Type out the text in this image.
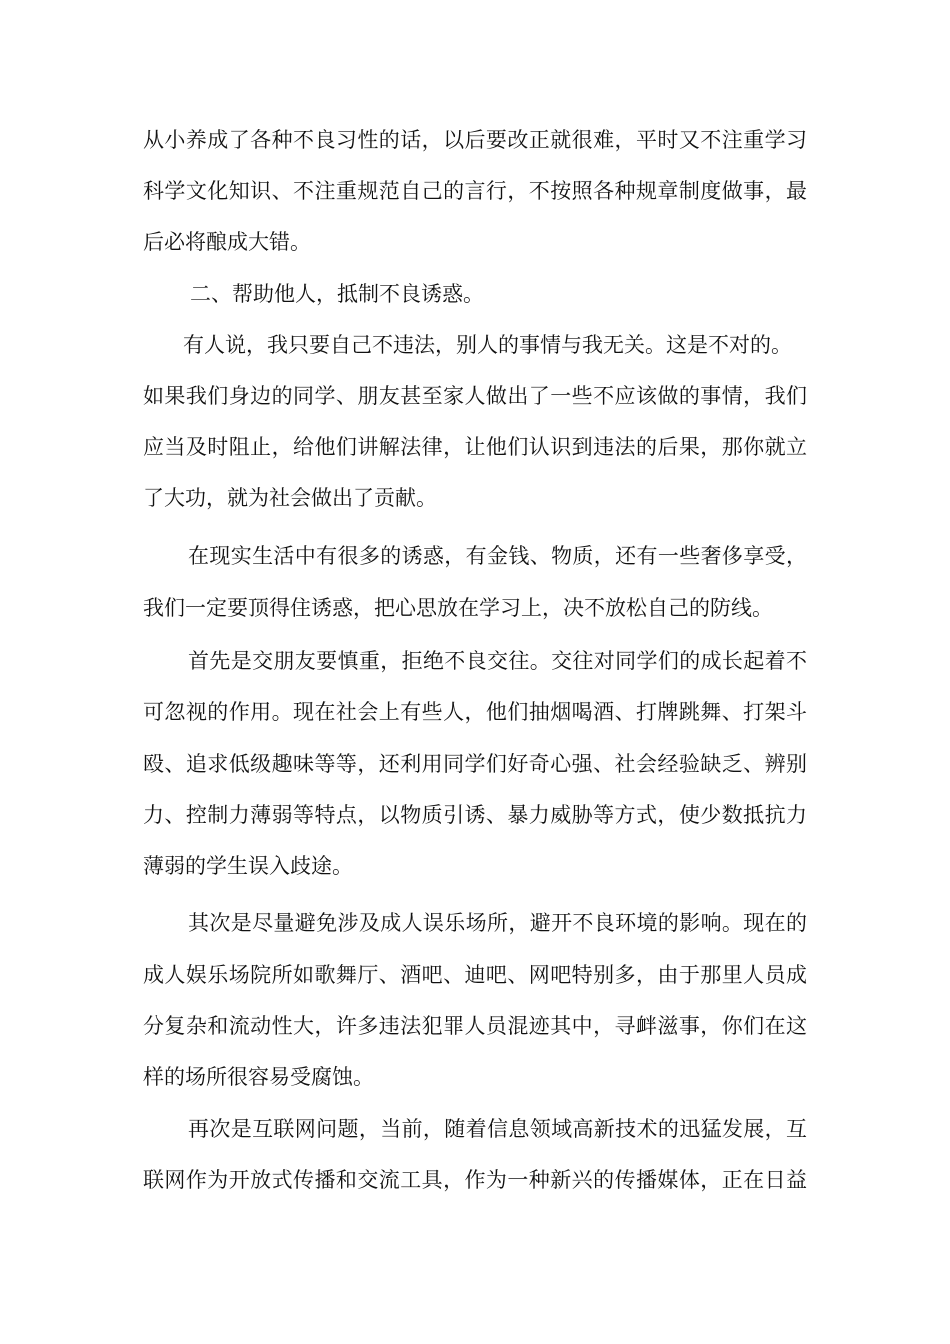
从小养成了各种不良习性的话，以后要改正就很难，平时又不注重学习
科学文化知识、不注重规范自己的言行，不按照各种规章制度做事，最
后必将酿成大错。
二、帮助他人，抵制不良诱惑。
有人说，我只要自己不违法，别人的事情与我无关。这是不对的。
如果我们身边的同学、朋友甚至家人做出了一些不应该做的事情，我们
应当及时阻止，给他们讲解法律，让他们认识到违法的后果，那你就立
了大功，就为社会做出了贡献。
在现实生活中有很多的诱惑，有金钱、物质，还有一些奢侈享受，
我们一定要顶得住诱惑，把心思放在学习上，决不放松自己的防线。
首先是交朋友要慎重，拒绝不良交往。交往对同学们的成长起着不
可忽视的作用。现在社会上有些人，他们抽烟喝酒、打牌跳舞、打架斗
殴、追求低级趣味等等，还利用同学们好奇心强、社会经验缺乏、辨别
力、控制力薄弱等特点，以物质引诱、暴力威胁等方式，使少数抵抗力
薄弱的学生误入歧途。
其次是尽量避免涉及成人误乐场所，避开不良环境的影响。现在的
成人娱乐场院所如歌舞厅、酒吧、迪吧、网吧特别多，由于那里人员成
分复杂和流动性大，许多违法犯罪人员混迹其中，寻衅滋事，你们在这
样的场所很容易受腐蚀。
再次是互联网问题，当前，随着信息领域高新技术的迅猛发展，互
联网作为开放式传播和交流工具，作为一种新兴的传播媒体，正在日益
